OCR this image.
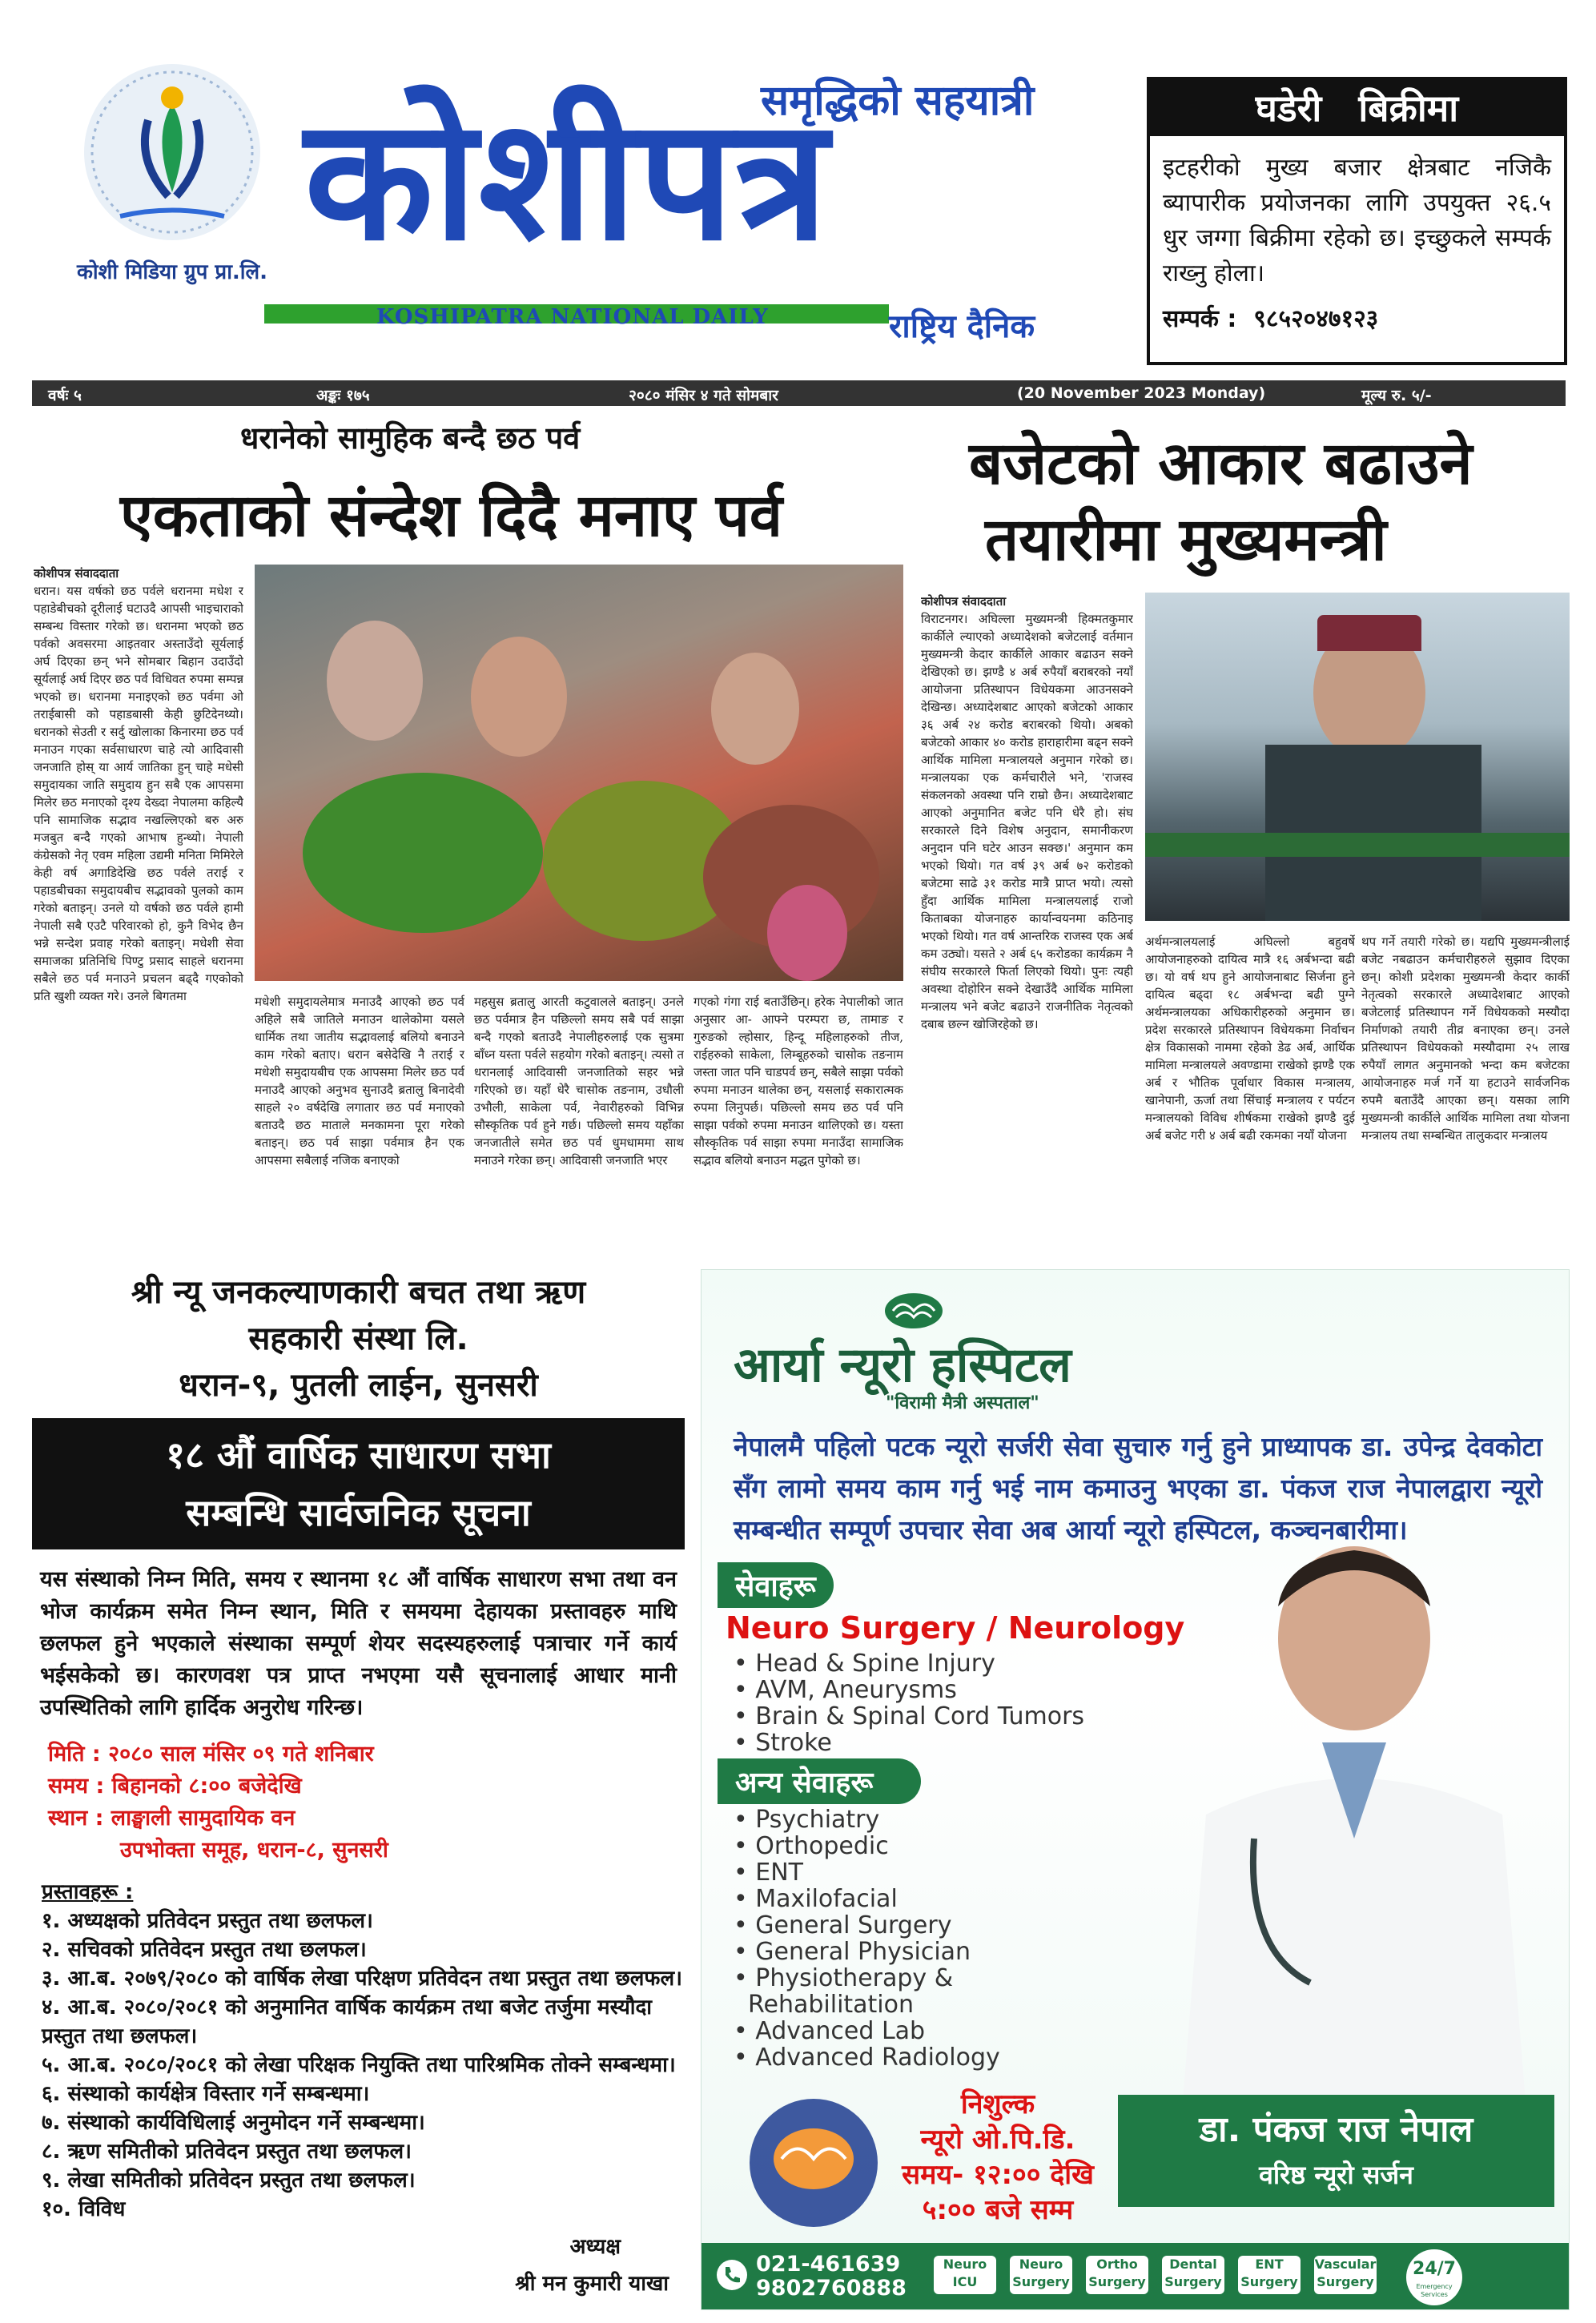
कोशी मिडिया ग्रुप प्रा.लि.
समृद्धिको सहयात्री
कोशीपत्र
KOSHIPATRA NATIONAL DAILY	राष्ट्रिय दैनिक
घडेरी बिक्रीमा
इटहरीको मुख्य बजार क्षेत्रबाट नजिकै ब्यापारीक प्रयोजनका लागि उपयुक्त २६.५ धुर जग्गा बिक्रीमा रहेको छ। इच्छुकले सम्पर्क राख्नु होला।
सम्पर्क : ९८५२०४७१२३
वर्षः ५	अङ्कः १७५	२०८० मंसिर ४ गते सोमबार	(20 November 2023 Monday)	मूल्य रु. ५/-
धरानेको सामुहिक बन्दै छठ पर्व
एकताको संन्देश दिदै मनाए पर्व
कोशीपत्र संवाददाता
धरान। यस वर्षको छठ पर्वले धरानमा मधेश र पहाडेबीचको दूरीलाई घटाउदै आपसी भाइचाराको सम्बन्ध विस्तार गरेको छ। धरानमा भएको छठ पर्वको अवसरमा आइतवार अस्ताउँदो सूर्यलाई अर्घ दिएका छन् भने सोमबार बिहान उदाउँदो सूर्यलाई अर्घ दिएर छठ पर्व विधिवत रुपमा सम्पन्न भएको छ। धरानमा मनाइएको छठ पर्वमा ओ तराईबासी को पहाडबासी केही छुटिदेनथ्यो। धरानको सेउती र सर्दु खोलाका किनारमा छठ पर्व मनाउन गएका सर्वसाधारण चाहे त्यो आदिवासी जनजाति होस् या आर्य जातिका हुन् चाहे मधेसी समुदायका जाति समुदाय हुन सबै एक आपसमा मिलेर छठ मनाएको दृश्य देख्दा नेपालमा कहिल्यै पनि सामाजिक सद्भाव नखल्लिएको बरु अरु मजबुत बन्दै गएको आभाष हुन्थ्यो। नेपाली कंग्रेसको नेतृ एवम महिला उद्यमी मनिता मिमिरेले केही वर्ष अगाडिदेखि छठ पर्वले तराई र पहाडबीचका समुदायबीच सद्भावको पुलको काम गरेको बताइन्। उनले यो वर्षको छठ पर्वले हामी नेपाली सबै एउटै परिवारको हो, कुनै विभेद छैन भन्ने सन्देश प्रवाह गरेको बताइन्। मधेशी सेवा समाजका प्रतिनिधि पिण्टु प्रसाद साहले धरानमा सबैले छठ पर्व मनाउने प्रचलन बढ्दै गएकोको प्रति खुशी व्यक्त गरे। उनले बिगतमा	मधेशी समुदायलेमात्र मनाउदै आएको छठ पर्व अहिले सबै जातिले मनाउन थालेकोमा यसले धार्मिक तथा जातीय सद्भावलाई बलियो बनाउने काम गरेको बताए। धरान बसेदेखि नै तराई र मधेशी समुदायबीच एक आपसमा मिलेर छठ पर्व मनाउदै आएको अनुभव सुनाउदै ब्रतालु बिनादेवी साहले २० वर्षदेखि लगातार छठ पर्व मनाएको बताउदै छठ माताले मनकामना पूरा गरेको बताइन्। छठ पर्व साझा पर्वमात्र हैन एक आपसमा सबैलाई नजिक बनाएको
महसुस ब्रतालु आरती कटुवालले बताइन्। उनले छठ पर्वमात्र हैन पछिल्लो समय सबै पर्व साझा बन्दै गएको बताउदै नेपालीहरुलाई एक सुत्रमा बाँध्न यस्ता पर्वले सहयोग गरेको बताइन्। त्यसो त धरानलाई आदिवासी जनजातिको सहर भन्ने गरिएको छ। यहाँ धेरै चासोक तङनाम, उधौली उभौली, साकेला पर्व, नेवारीहरुको विभिन्न सौस्कृतिक पर्व हुने गर्छ। पछिल्लो समय यहाँका जनजातीले समेत छठ पर्व धुमधाममा साथ मनाउने गरेका छन्। आदिवासी जनजाति भएर
गएको गंगा राई बताउँछिन्। हरेक नेपालीको जात अनुसार आ- आफ्ने परम्परा छ, तामाङ र गुरुङको ल्होसार, हिन्दू महिलाहरुको तीज, राईहरुको साकेला, लिम्बूहरुको चासोक तङनाम जस्ता जात पनि चाडपर्व छन्, सबैले साझा पर्वको रुपमा मनाउन थालेका छन्, यसलाई सकारात्मक रुपमा लिनुपर्छ। पछिल्लो समय छठ पर्व पनि साझा पर्वको रुपमा मनाउन थालिएको छ। यस्ता सौस्कृतिक पर्व साझा रुपमा मनाउँदा सामाजिक सद्भाव बलियो बनाउन मद्धत पुगेको छ।
बजेटको आकार बढाउने
तयारीमा मुख्यमन्त्री
कोशीपत्र संवाददाता
विराटनगर। अघिल्ला मुख्यमन्त्री हिक्मतकुमार कार्कीले ल्याएको अध्यादेशको बजेटलाई वर्तमान मुख्यमन्त्री केदार कार्कीले आकार बढाउन सक्ने देखिएको छ। झण्डै ४ अर्ब रुपैयाँ बराबरको नयाँ आयोजना प्रतिस्थापन विधेयकमा आउनसक्ने देखिन्छ। अध्यादेशबाट आएको बजेटको आकार ३६ अर्ब २४ करोड बराबरको थियो। अबको बजेटको आकार ४० करोड हाराहारीमा बढ्न सक्ने आर्थिक मामिला मन्त्रालयले अनुमान गरेको छ। मन्त्रालयका एक कर्मचारीले भने, 'राजस्व संकलनको अवस्था पनि राम्रो छैन। अध्यादेशबाट आएको अनुमानित बजेट पनि धेरै हो। संघ सरकारले दिने विशेष अनुदान, समानीकरण अनुदान पनि घटेर आउन सक्छ।' अनुमान कम भएको थियो। गत वर्ष ३९ अर्ब ७२ करोडको बजेटमा साढे ३१ करोड मात्रै प्राप्त भयो। त्यसो हुँदा आर्थिक मामिला मन्त्रालयलाई राजो किताबका योजनाहरु कार्यान्वयनमा कठिनाइ भएको थियो। गत वर्ष आन्तरिक राजस्व एक अर्ब कम उठ्यो। यसते २ अर्ब ६५ करोडका कार्यक्रम नै संघीय सरकारले फिर्ता लिएको थियो। पुनः त्यही अवस्था दोहोरिन सक्ने देखाउँदै आर्थिक मामिला मन्त्रालय भने बजेट बढाउने राजनीतिक नेतृत्वको दबाब छल्न खोजिरहेको छ।
अर्थमन्त्रालयलाई अघिल्लो बहुवर्षे आयोजनाहरुको दायित्व मात्रै १६ अर्बभन्दा बढी छ। यो वर्ष थप हुने आयोजनाबाट सिर्जना हुने दायित्व बढ्दा १८ अर्बभन्दा बढी पुग्ने अर्थमन्त्रालयका अधिकारीहरुको अनुमान छ। प्रदेश सरकारले प्रतिस्थापन विधेयकमा निर्वाचन क्षेत्र विकासको नाममा रहेको डेढ अर्ब, आर्थिक मामिला मन्त्रालयले अवण्डामा राखेको झण्डै एक अर्ब र भौतिक पूर्वाधार विकास मन्त्रालय, खानेपानी, ऊर्जा तथा सिंचाई मन्त्रालय र पर्यटन मन्त्रालयको विविध शीर्षकमा राखेको झण्डै दुई अर्ब बजेट गरी ४ अर्ब बढी रकमका नयाँ योजना
थप गर्ने तयारी गरेको छ। यद्यपि मुख्यमन्त्रीलाई बजेट नबढाउन कर्मचारीहरुले सुझाव दिएका छन्। कोशी प्रदेशका मुख्यमन्त्री केदार कार्की नेतृत्वको सरकारले अध्यादेशबाट आएको बजेटलाई प्रतिस्थापन गर्ने विधेयकको मस्यौदा निर्माणको तयारी तीव्र बनाएका छन्। उनले प्रतिस्थापन विधेयकको मस्यौदामा २५ लाख रुपैयाँ लागत अनुमानको भन्दा कम बजेटका आयोजनाहरु मर्ज गर्ने या हटाउने सार्वजनिक रुपमै बताउँदै आएका छन्। यसका लागि मुख्यमन्त्री कार्कीले आर्थिक मामिला तथा योजना मन्त्रालय तथा सम्बन्धित तालुकदार मन्त्रालय
श्री न्यू जनकल्याणकारी बचत तथा ऋण
सहकारी संस्था लि.
धरान-९, पुतली लाईन, सुनसरी
१८ औं वार्षिक साधारण सभा
सम्बन्धि सार्वजनिक सूचना
यस संस्थाको निम्न मिति, समय र स्थानमा १८ औं वार्षिक साधारण सभा तथा वन भोज कार्यक्रम समेत निम्न स्थान, मिति र समयमा देहायका प्रस्तावहरु माथि छलफल हुने भएकाले संस्थाका सम्पूर्ण शेयर सदस्यहरुलाई पत्राचार गर्ने कार्य भईसकेको छ। कारणवश पत्र प्राप्त नभएमा यसै सूचनालाई आधार मानी उपस्थितिको लागि हार्दिक अनुरोध गरिन्छ।
मिति : २०८० साल मंसिर ०९ गते शनिबार
समय : बिहानको ८:०० बजेदेखि
स्थान : लाङ्घाली सामुदायिक वन
उपभोक्ता समूह, धरान-८, सुनसरी
प्रस्तावहरू :
१. अध्यक्षको प्रतिवेदन प्रस्तुत तथा छलफल।
२. सचिवको प्रतिवेदन प्रस्तुत तथा छलफल।
३. आ.ब. २०७९/२०८० को वार्षिक लेखा परिक्षण प्रतिवेदन तथा प्रस्तुत तथा छलफल।
४. आ.ब. २०८०/२०८१ को अनुमानित वार्षिक कार्यक्रम तथा बजेट तर्जुमा मस्यौदा प्रस्तुत तथा छलफल।
५. आ.ब. २०८०/२०८१ को लेखा परिक्षक नियुक्ति तथा पारिश्रमिक तोक्ने सम्बन्धमा।
६. संस्थाको कार्यक्षेत्र विस्तार गर्ने सम्बन्धमा।
७. संस्थाको कार्यविधिलाई अनुमोदन गर्ने सम्बन्धमा।
८. ऋण समितीको प्रतिवेदन प्रस्तुत तथा छलफल।
९. लेखा समितीको प्रतिवेदन प्रस्तुत तथा छलफल।
१०. विविध
अध्यक्ष
श्री मन कुमारी याखा
आर्या न्यूरो हस्पिटल
"विरामी मैत्री अस्पताल"
नेपालमै पहिलो पटक न्यूरो सर्जरी सेवा सुचारु गर्नु हुने प्राध्यापक डा. उपेन्द्र देवकोटा सँग लामो समय काम गर्नु भई नाम कमाउनु भएका डा. पंकज राज नेपालद्वारा न्यूरो सम्बन्धीत सम्पूर्ण उपचार सेवा अब आर्या न्यूरो हस्पिटल, कञ्चनबारीमा।
सेवाहरू
Neuro Surgery / Neurology
• Head & Spine Injury
• AVM, Aneurysms
• Brain & Spinal Cord Tumors
• Stroke
अन्य सेवाहरू
• Psychiatry
• Orthopedic
• ENT
• Maxilofacial
• General Surgery
• General Physician
• Physiotherapy &
Rehabilitation
• Advanced Lab
• Advanced Radiology
निशुल्क
न्यूरो ओ.पि.डि.
समय- १२:०० देखि
५:०० बजे सम्म
डा. पंकज राज नेपाल
वरिष्ठ न्यूरो सर्जन
021-461639
9802760888
Neuro
ICU
Neuro
Surgery
Ortho
Surgery
Dental
Surgery
ENT
Surgery
Vascular
Surgery
24/7
Emergency Services
